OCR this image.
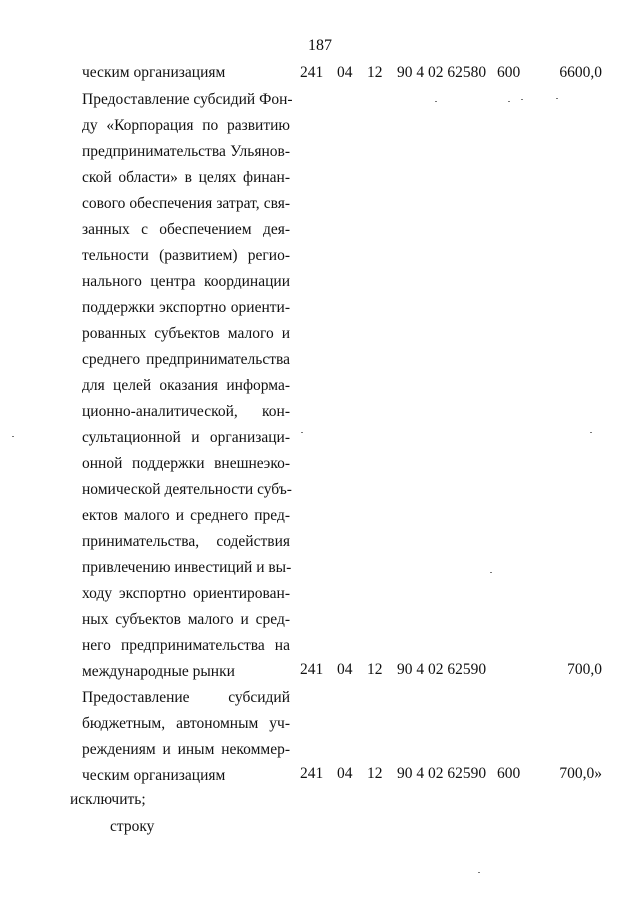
187
ческим организациям	241 04 12 90 4 02 62580 600	6600,0
Предоставление субсидий Фон-
ду «Корпорация по развитию
предпринимательства Ульянов-
ской области» в целях финан-
сового обеспечения затрат, свя-
занных с обеспечением дея-
тельности (развитием) регио-
нального центра координации
поддержки экспортно ориенти-
рованных субъектов малого и
среднего предпринимательства
для целей оказания информа-
ционно-аналитической, кон-
сультационной и организаци-
онной поддержки внешнеэко-
номической деятельности субъ-
ектов малого и среднего пред-
принимательства, содействия
привлечению инвестиций и вы-
ходу экспортно ориентирован-
ных субъектов малого и сред-
него предпринимательства на
международные рынки	241 04 12 90 4 02 62590	700,0
Предоставление субсидий
бюджетным, автономным уч-
реждениям и иным некоммер-
ческим организациям	241 04 12 90 4 02 62590 600	700,0»
исключить;
строку
